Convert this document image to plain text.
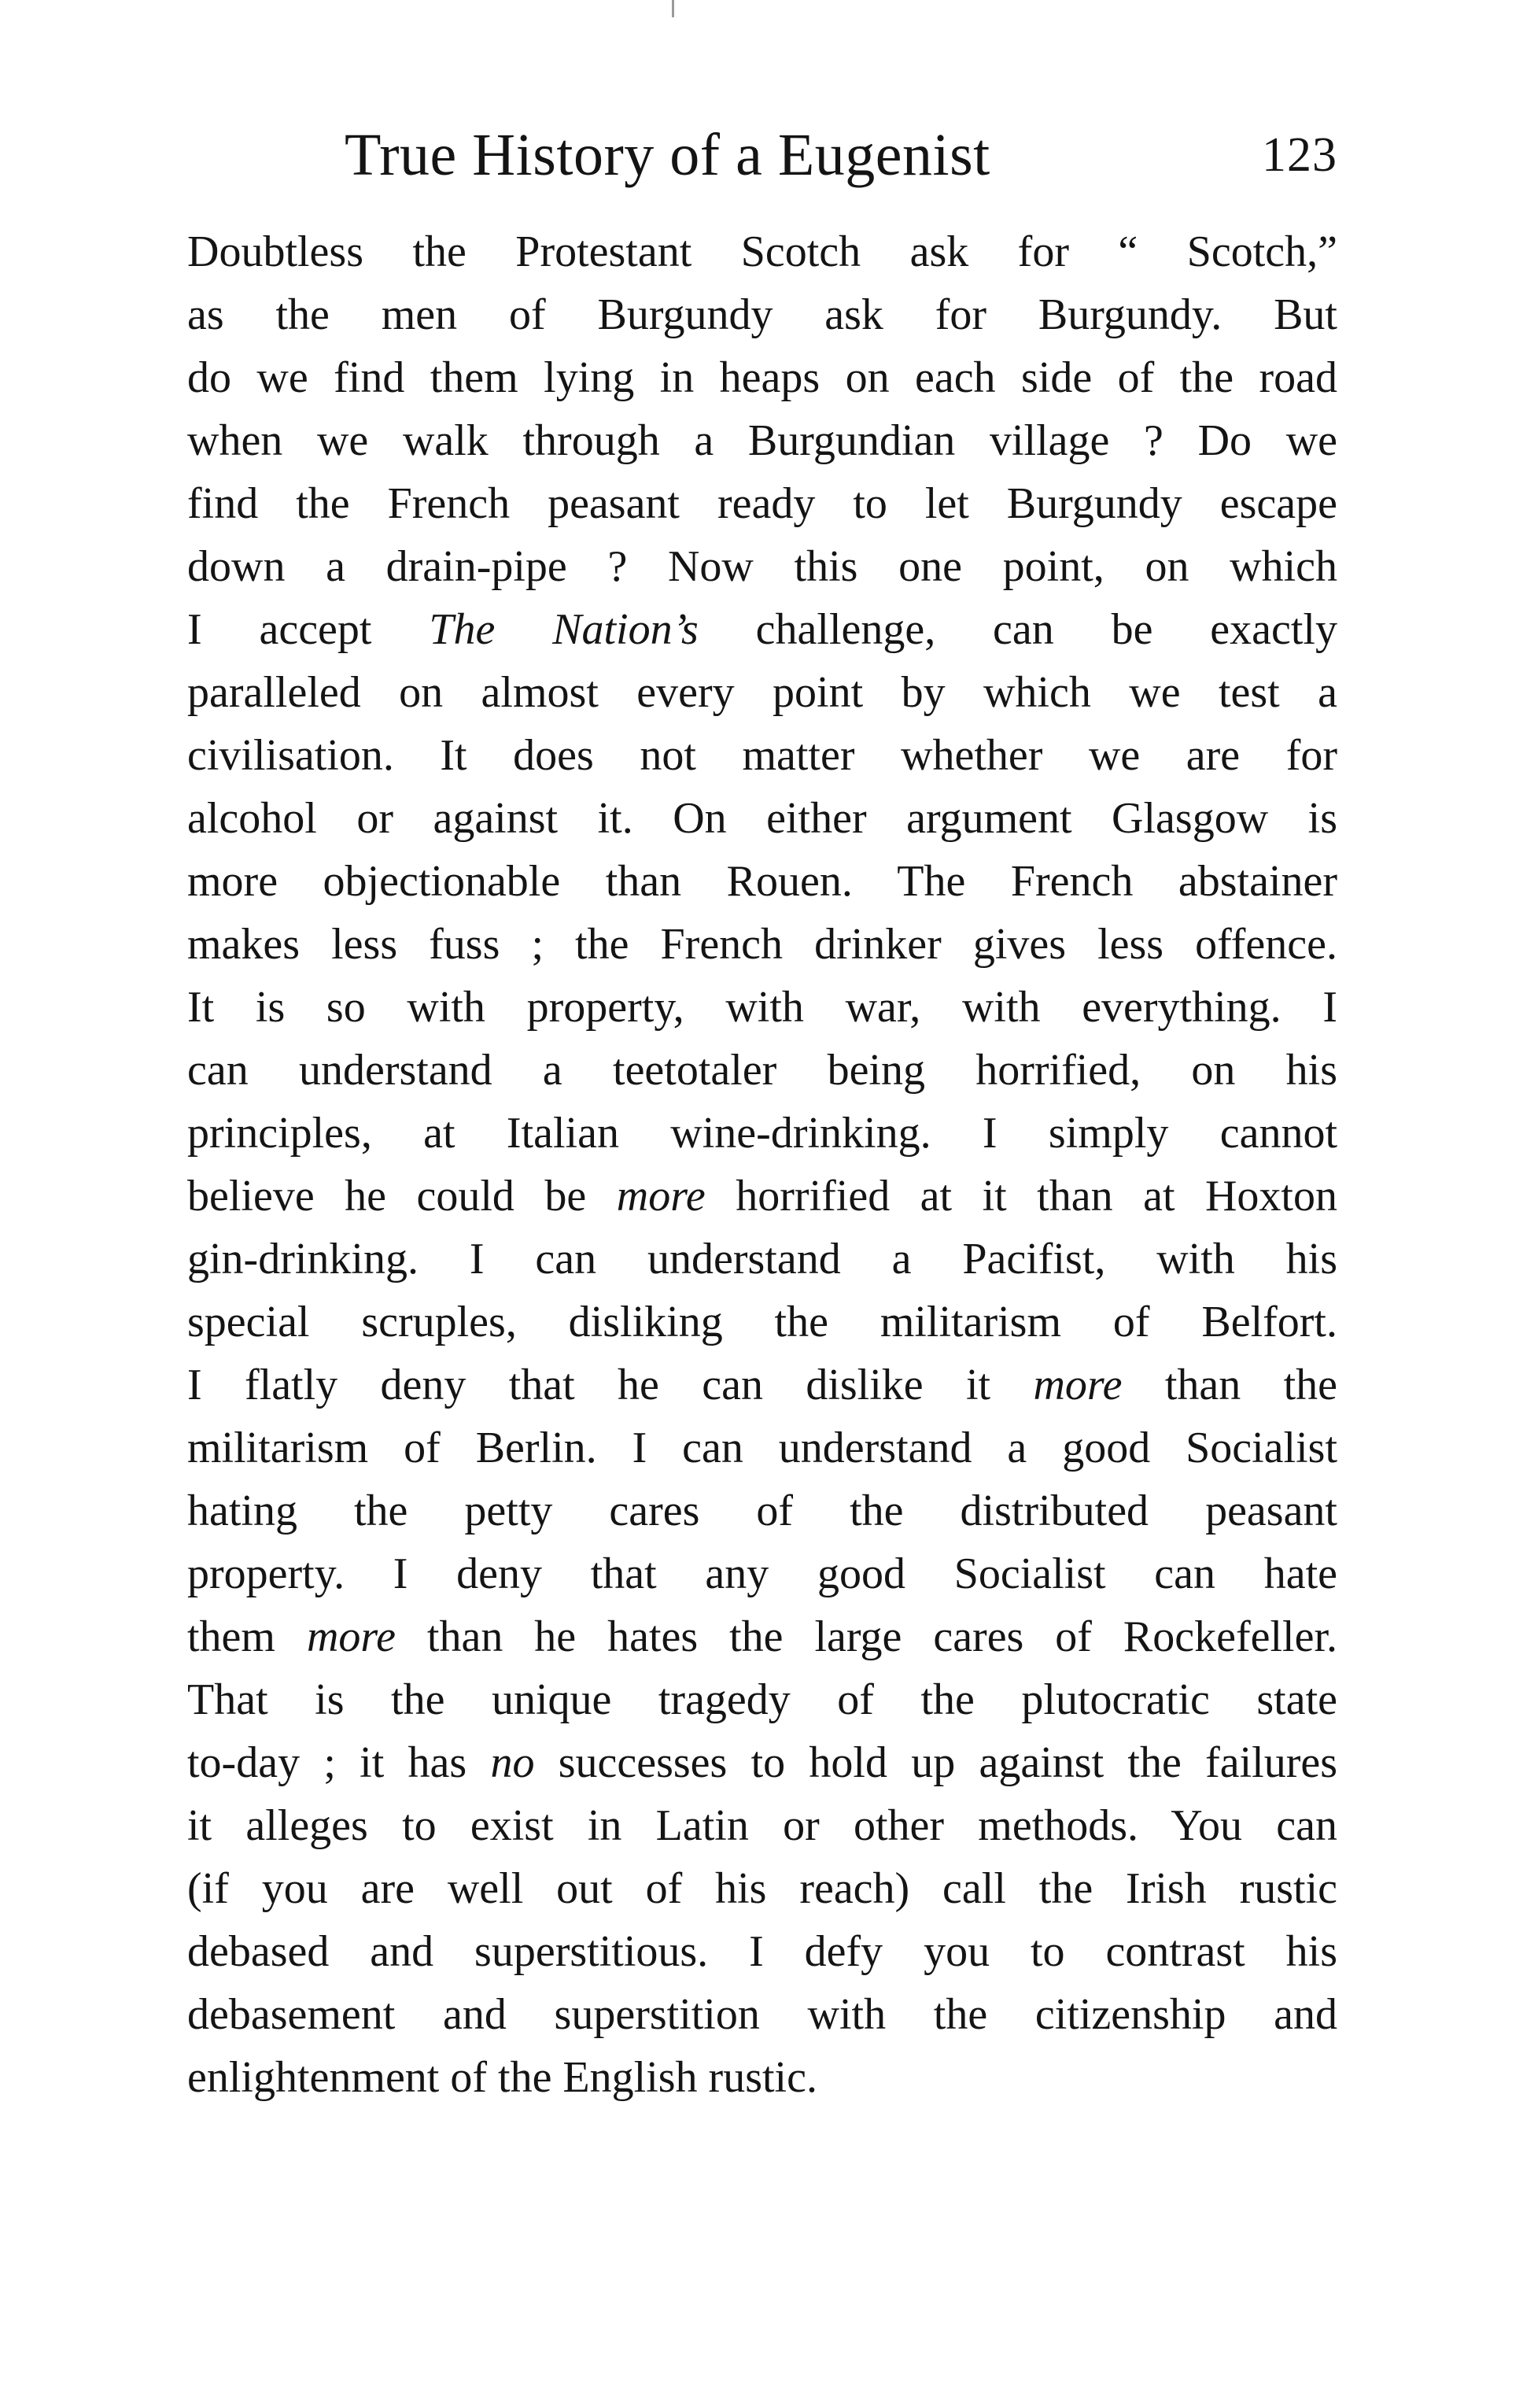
True History of a Eugenist	123
Doubtless the Protestant Scotch ask for “ Scotch,”
as the men of Burgundy ask for Burgundy. But
do we find them lying in heaps on each side of the road
when we walk through a Burgundian village ? Do we
find the French peasant ready to let Burgundy escape
down a drain-pipe ? Now this one point, on which
I accept The Nation’s challenge, can be exactly
paralleled on almost every point by which we test a
civilisation. It does not matter whether we are for
alcohol or against it. On either argument Glasgow is
more objectionable than Rouen. The French abstainer
makes less fuss ; the French drinker gives less offence.
It is so with property, with war, with everything. I
can understand a teetotaler being horrified, on his
principles, at Italian wine-drinking. I simply cannot
believe he could be more horrified at it than at Hoxton
gin-drinking. I can understand a Pacifist, with his
special scruples, disliking the militarism of Belfort.
I flatly deny that he can dislike it more than the
militarism of Berlin. I can understand a good Socialist
hating the petty cares of the distributed peasant
property. I deny that any good Socialist can hate
them more than he hates the large cares of Rockefeller.
That is the unique tragedy of the plutocratic state
to-day ; it has no successes to hold up against the failures
it alleges to exist in Latin or other methods. You can
(if you are well out of his reach) call the Irish rustic
debased and superstitious. I defy you to contrast his
debasement and superstition with the citizenship and
enlightenment of the English rustic.
